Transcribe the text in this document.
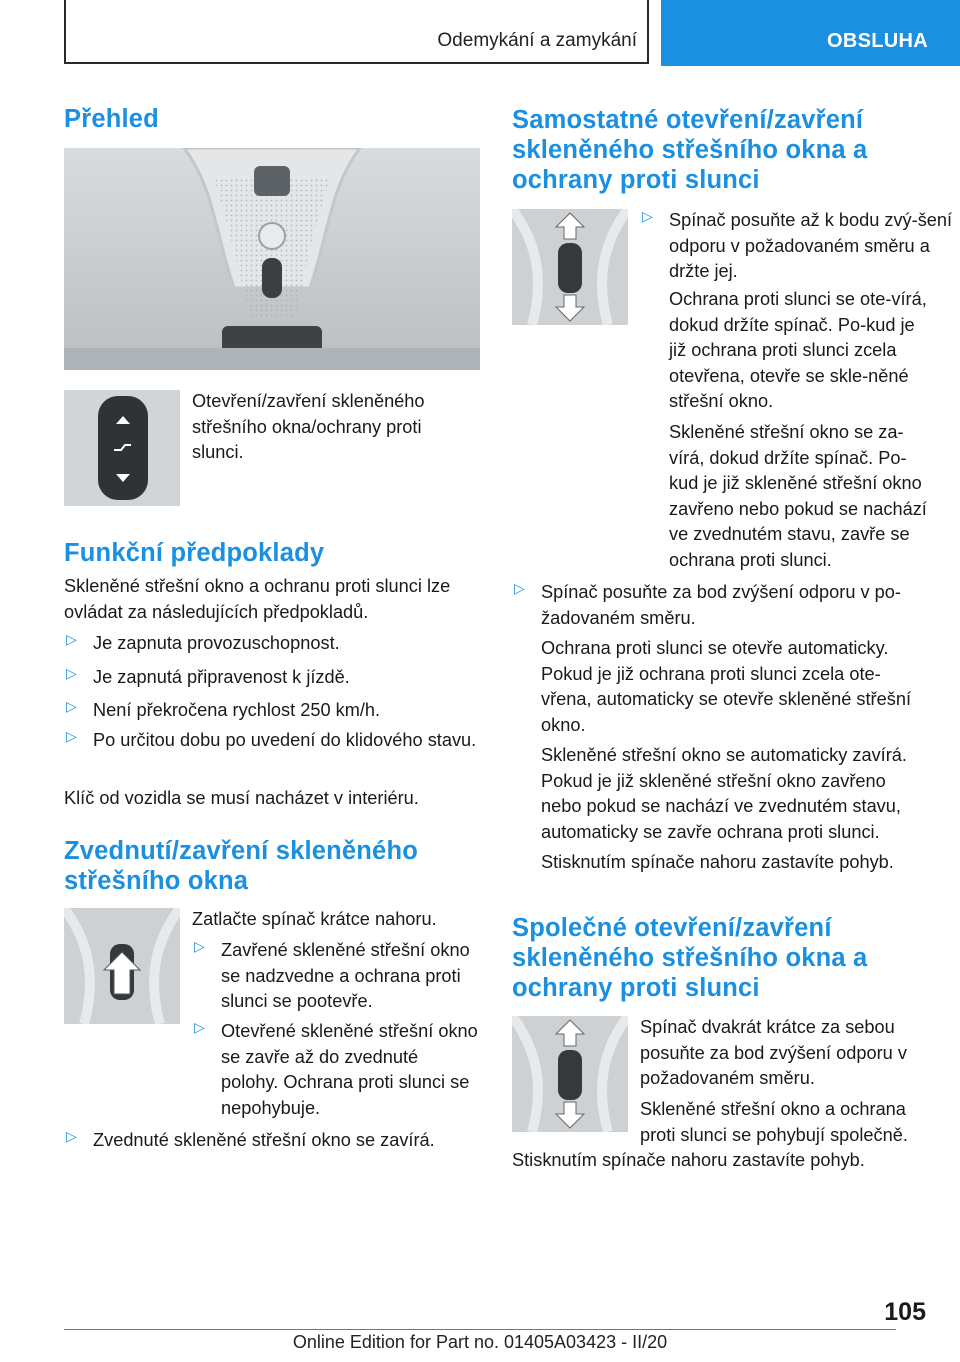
Odemykání a zamykání	OBSLUHA
Přehled

Otevření/zavření skleněného střešního okna/ochrany proti slunci.

Funkční předpoklady

Skleněné střešní okno a ochranu proti slunci lze ovládat za následujících předpokladů.

▷ Je zapnuta provozuschopnost.

▷ Je zapnutá připravenost k jízdě.

▷ Není překročena rychlost 250 km/h.

▷ Po určitou dobu po uvedení do klidového stavu.

Klíč od vozidla se musí nacházet v interiéru.

Zvednutí/zavření skleněného střešního okna

Zatlačte spínač krátce nahoru.

▷ Zavřené skleněné střešní okno se nadzvedne a ochrana proti slunci se pootevře.

▷ Otevřené skleněné střešní okno se zavře až do zvednuté polohy. Ochrana proti slunci se nepohybuje.

▷ Zvednuté skleněné střešní okno se zavírá.

Samostatné otevření/zavření skleněného střešního okna a ochrany proti slunci
▷ Spínač posuňte až k bodu zvý-šení odporu v požadovaném směru a držte jej.

Ochrana proti slunci se ote-vírá, dokud držíte spínač. Po-kud je již ochrana proti slunci zcela otevřena, otevře se skle-něné střešní okno.

Skleněné střešní okno se za-vírá, dokud držíte spínač. Po-kud je již skleněné střešní okno zavřeno nebo pokud se nachází ve zvednutém stavu, zavře se ochrana proti slunci.

▷ Spínač posuňte za bod zvýšení odporu v po-žadovaném směru.

Ochrana proti slunci se otevře automaticky. Pokud je již ochrana proti slunci zcela ote-vřena, automaticky se otevře skleněné střešní okno.

Skleněné střešní okno se automaticky zavírá. Pokud je již skleněné střešní okno zavřeno nebo pokud se nachází ve zvednutém stavu, automaticky se zavře ochrana proti slunci.

Stisknutím spínače nahoru zastavíte pohyb.

Společné otevření/zavření skleněného střešního okna a ochrany proti slunci

Spínač dvakrát krátce za sebou posuňte za bod zvýšení odporu v požadovaném směru.

Skleněné střešní okno a ochrana proti slunci se pohybují společně.

Stisknutím spínače nahoru zastavíte pohyb.

105
Online Edition for Part no. 01405A03423 - II/20
